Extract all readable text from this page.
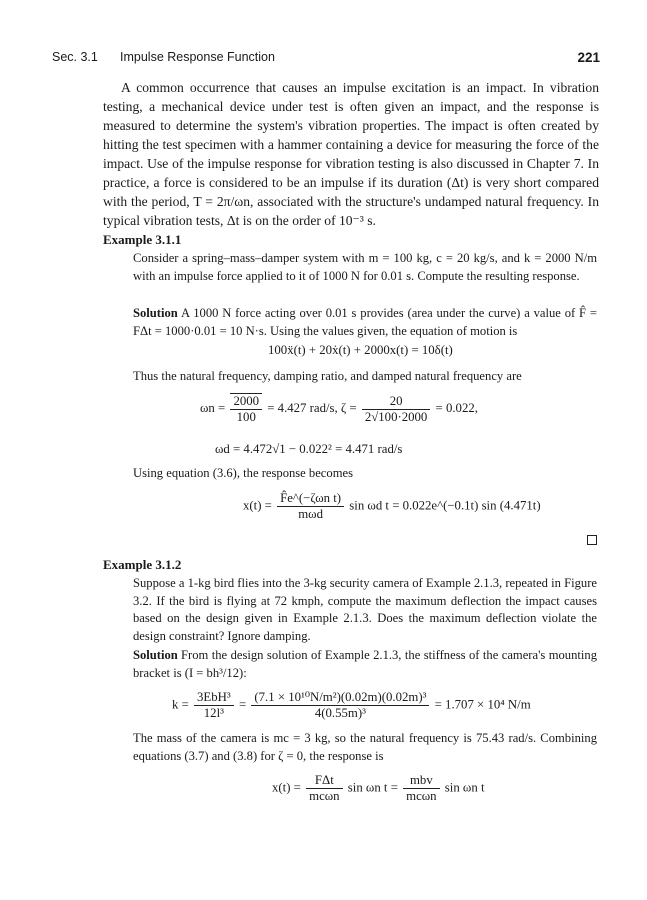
Sec. 3.1 Impulse Response Function	221

A common occurrence that causes an impulse excitation is an impact. In vibration testing, a mechanical device under test is often given an impact, and the response is measured to determine the system's vibration properties. The impact is often created by hitting the test specimen with a hammer containing a device for measuring the force of the impact. Use of the impulse response for vibration testing is also discussed in Chapter 7. In practice, a force is considered to be an impulse if its duration (Δt) is very short compared with the period, T = 2π/ωn, associated with the structure's undamped natural frequency. In typical vibration tests, Δt is on the order of 10⁻³ s.

Example 3.1.1

Consider a spring–mass–damper system with m = 100 kg, c = 20 kg/s, and k = 2000 N/m with an impulse force applied to it of 1000 N for 0.01 s. Compute the resulting response.

Solution A 1000 N force acting over 0.01 s provides (area under the curve) a value of F̂ = FΔt = 1000·0.01 = 10 N·s. Using the values given, the equation of motion is

100ẍ(t) + 20ẋ(t) + 2000x(t) = 10δ(t)
Thus the natural frequency, damping ratio, and damped natural frequency are
$\omega n = \frac{2000}{100} = 4.427$ rad/s, $\zeta = \frac{20}{2√100\cdot 2000} = 0.022$,
ωd = 4.472√1 − 0.022² = 4.471 rad/s
Using equation (3.6), the response becomes
$x(t) = \frac{\text{F̂e\textasciicircum{}(−ζωn t)}}{\text{mωd}}$ sin ωd t = 0.022e^(−0.1t) sin (4.471t)
Example 3.1.2

Suppose a 1-kg bird flies into the 3-kg security camera of Example 2.1.3, repeated in Figure 3.2. If the bird is flying at 72 kmph, compute the maximum deflection the impact causes based on the design given in Example 2.1.3. Does the maximum deflection violate the design constraint? Ignore damping.

Solution From the design solution of Example 2.1.3, the stiffness of the camera's mounting bracket is (I = bh³/12):

$k = \frac{\text{3EbH³}}{\text{12l³}} = \frac{\text{(7.1 × 10¹⁰N/m²)(0.02m)(0.02m)³}}{\text{4(0.55m)³}} = 1.707 \times 10^4$ N/m

The mass of the camera is mc = 3 kg, so the natural frequency is 75.43 rad/s. Combining equations (3.7) and (3.8) for ζ = 0, the response is

$x(t) = \frac{\text{FΔt}}{\text{mcωn}}$ sin ωn $t = \frac{\text{mbv}}{\text{mcωn}}$ sin ωn t
